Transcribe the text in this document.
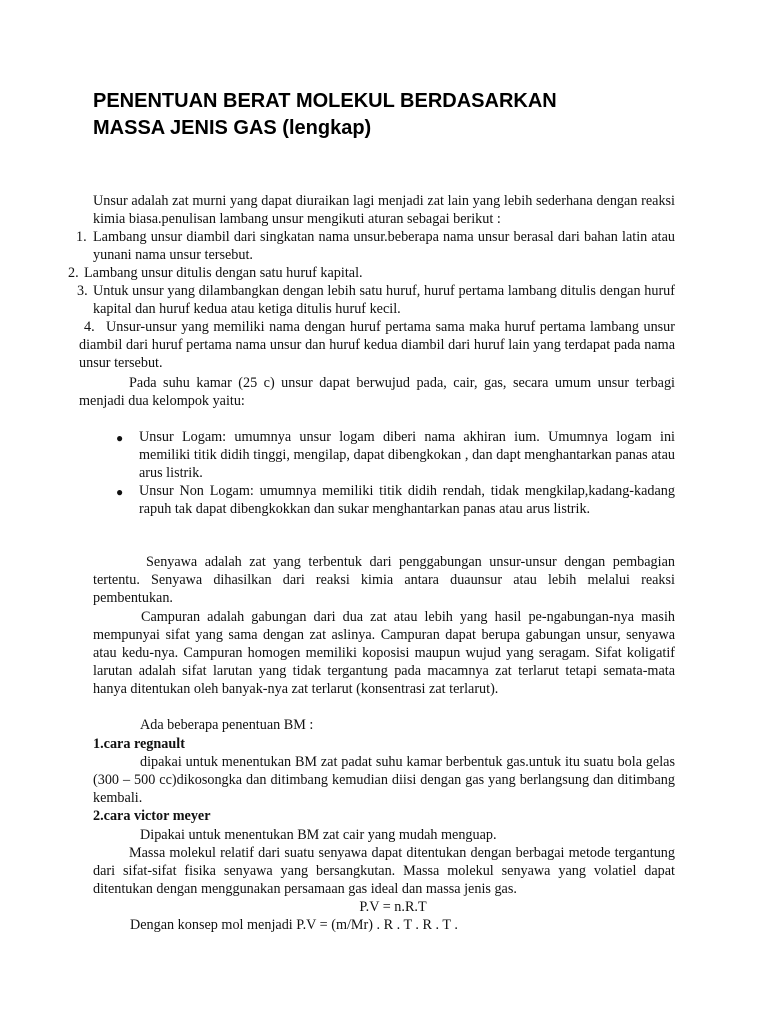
PENENTUAN BERAT MOLEKUL BERDASARKAN
MASSA JENIS GAS (lengkap)
Unsur adalah zat murni yang dapat diuraikan lagi menjadi zat lain yang lebih sederhana dengan reaksi kimia biasa.penulisan lambang unsur mengikuti aturan sebagai berikut :
1. Lambang unsur diambil dari singkatan nama unsur.beberapa nama unsur berasal dari bahan latin atau yunani nama unsur tersebut.
2. Lambang unsur ditulis dengan satu huruf kapital.
3. Untuk unsur yang dilambangkan dengan lebih satu huruf, huruf pertama lambang ditulis dengan huruf kapital dan huruf kedua atau ketiga ditulis huruf kecil.
4. Unsur-unsur yang memiliki nama dengan huruf pertama sama maka huruf pertama lambang unsur diambil dari huruf pertama nama unsur dan huruf kedua diambil dari huruf lain yang terdapat pada nama unsur tersebut.
Pada suhu kamar (25 c) unsur dapat berwujud pada, cair, gas, secara umum unsur terbagi menjadi dua kelompok yaitu:
● Unsur Logam: umumnya unsur logam diberi nama akhiran ium. Umumnya logam ini memiliki titik didih tinggi, mengilap, dapat dibengkokan , dan dapt menghantarkan panas atau arus listrik.
● Unsur Non Logam: umumnya memiliki titik didih rendah, tidak mengkilap,kadang-kadang rapuh tak dapat dibengkokkan dan sukar menghantarkan panas atau arus listrik.
Senyawa adalah zat yang terbentuk dari penggabungan unsur-unsur dengan pembagian tertentu. Senyawa dihasilkan dari reaksi kimia antara duaunsur atau lebih melalui reaksi pembentukan.
Campuran adalah gabungan dari dua zat atau lebih yang hasil pe-ngabungan-nya masih mempunyai sifat yang sama dengan zat aslinya. Campuran dapat berupa gabungan unsur, senyawa atau kedu-nya. Campuran homogen memiliki koposisi maupun wujud yang seragam. Sifat koligatif larutan adalah sifat larutan yang tidak tergantung pada macamnya zat terlarut tetapi semata-mata hanya ditentukan oleh banyak-nya zat terlarut (konsentrasi zat terlarut).
Ada beberapa penentuan BM :
1.cara regnault
dipakai untuk menentukan BM zat padat suhu kamar berbentuk gas.untuk itu suatu bola gelas (300 – 500 cc)dikosongka dan ditimbang kemudian diisi dengan gas yang berlangsung dan ditimbang kembali.
2.cara victor meyer
Dipakai untuk menentukan BM zat cair yang mudah menguap.
Massa molekul relatif dari suatu senyawa dapat ditentukan dengan berbagai metode tergantung dari sifat-sifat fisika senyawa yang bersangkutan. Massa molekul senyawa yang volatiel dapat ditentukan dengan menggunakan persamaan gas ideal dan massa jenis gas.
P.V = n.R.T
Dengan konsep mol menjadi P.V = (m/Mr) . R . T . R . T .
